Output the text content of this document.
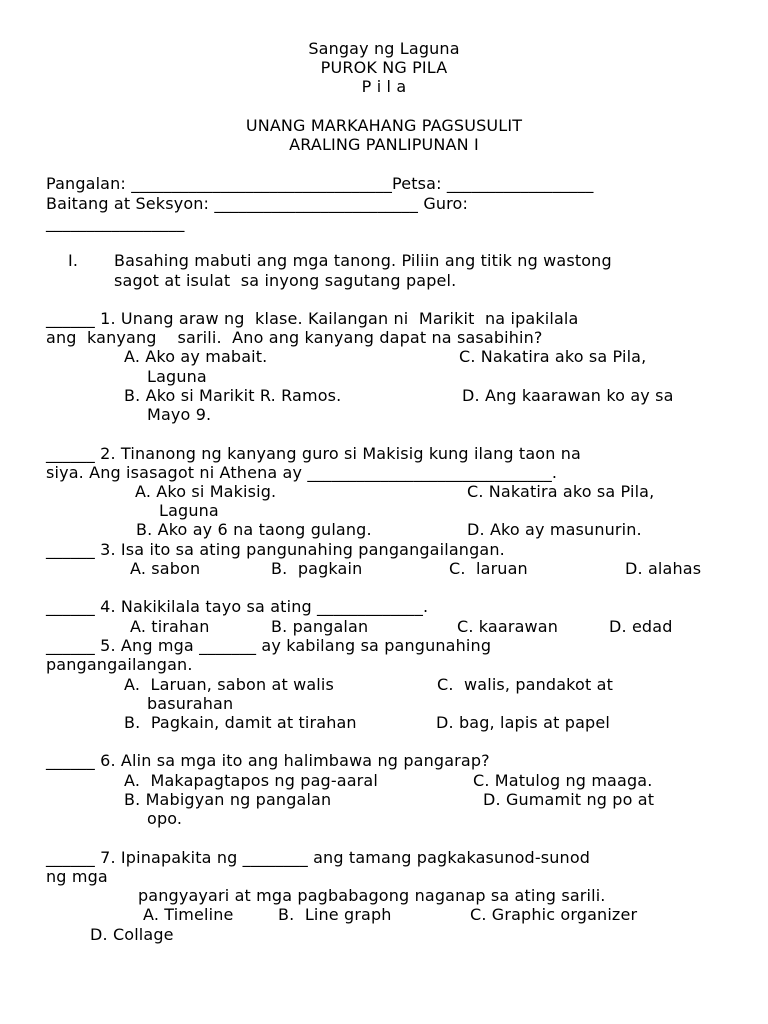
Sangay ng Laguna
PUROK NG PILA
P i l a
UNANG MARKAHANG PAGSUSULIT
ARALING PANLIPUNAN I
Pangalan: ________________________________Petsa: __________________
Baitang at Seksyon: _________________________ Guro:
_________________
I. Basahing mabuti ang mga tanong. Piliin ang titik ng wastong
sagot at isulat  sa inyong sagutang papel.
______ 1. Unang araw ng  klase. Kailangan ni  Marikit  na ipakilala
ang  kanyang    sarili.  Ano ang kanyang dapat na sasabihin?
A. Ako ay mabait.	C. Nakatira ako sa Pila,
Laguna
B. Ako si Marikit R. Ramos.	D. Ang kaarawan ko ay sa
Mayo 9.
______ 2. Tinanong ng kanyang guro si Makisig kung ilang taon na
siya. Ang isasagot ni Athena ay ______________________________.
A. Ako si Makisig.	C. Nakatira ako sa Pila,
Laguna
B. Ako ay 6 na taong gulang.	D. Ako ay masunurin.
______ 3. Isa ito sa ating pangunahing pangangailangan.
A. sabon	B.  pagkain	C.  laruan	D. alahas
______ 4. Nakikilala tayo sa ating _____________.
A. tirahan	B. pangalan	C. kaarawan	D. edad
______ 5. Ang mga _______ ay kabilang sa pangunahing
pangangailangan.
A.  Laruan, sabon at walis	C.  walis, pandakot at
basurahan
B.  Pagkain, damit at tirahan	D. bag, lapis at papel
______ 6. Alin sa mga ito ang halimbawa ng pangarap?
A.  Makapagtapos ng pag-aaral	C. Matulog ng maaga.
B. Mabigyan ng pangalan	D. Gumamit ng po at
opo.
______ 7. Ipinapakita ng ________ ang tamang pagkakasunod-sunod
ng mga
pangyayari at mga pagbabagong naganap sa ating sarili.
A. Timeline	B.  Line graph	C. Graphic organizer
D. Collage
